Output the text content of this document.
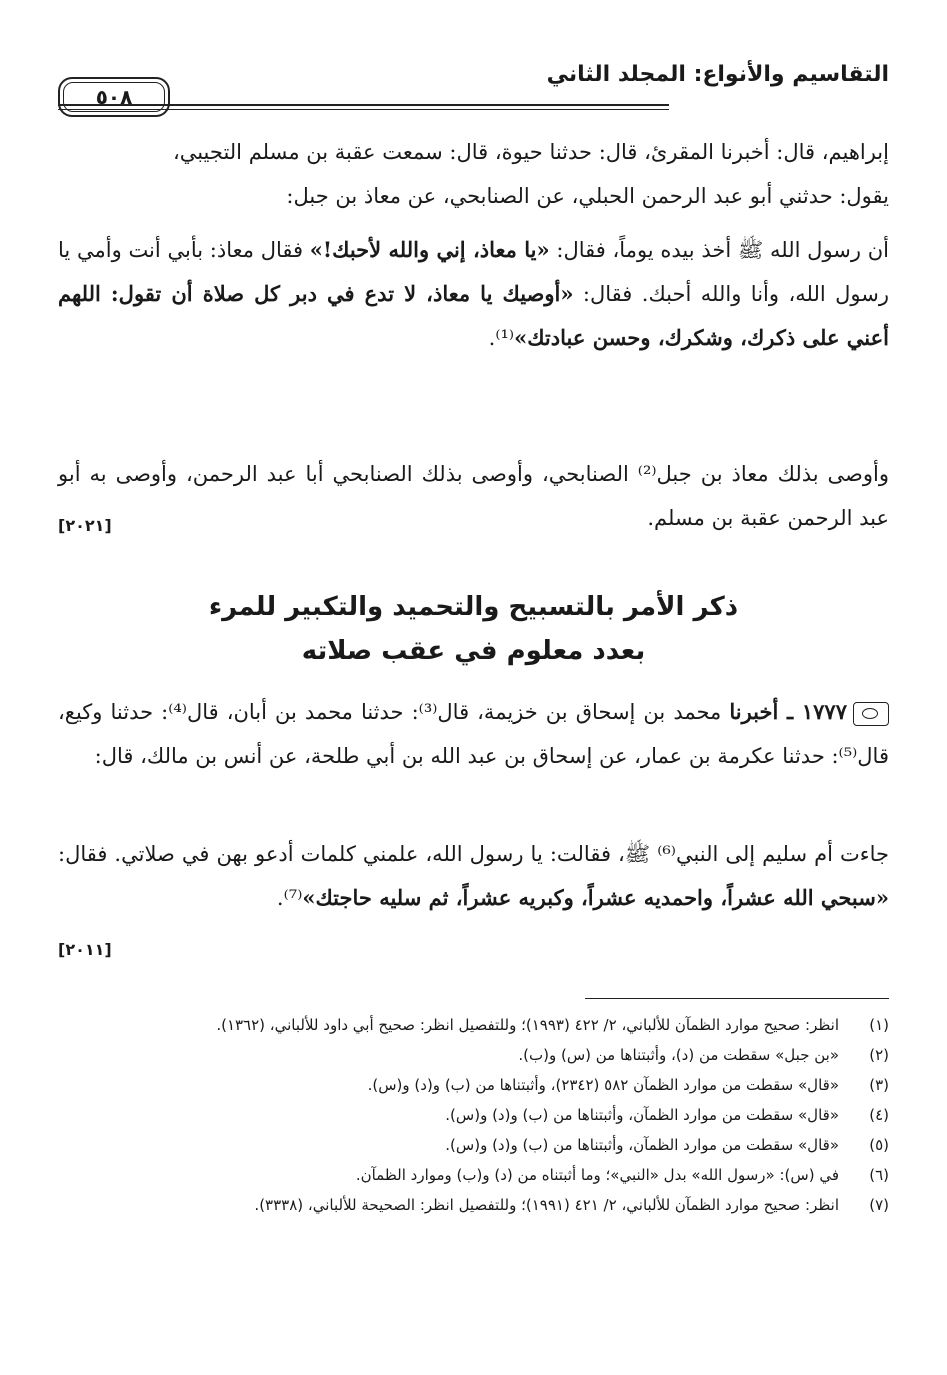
التقاسيم والأنواع: المجلد الثاني
٥٠٨

إبراهيم، قال: أخبرنا المقرئ، قال: حدثنا حيوة، قال: سمعت عقبة بن مسلم التجيبي،

يقول: حدثني أبو عبد الرحمن الحبلي، عن الصنابحي، عن معاذ بن جبل:

أن رسول الله ﷺ أخذ بيده يوماً، فقال: «يا معاذ، إني والله لأحبك!» فقال معاذ: بأبي أنت وأمي يا رسول الله، وأنا والله أحبك. فقال: «أوصيك يا معاذ، لا تدع في دبر كل صلاة أن تقول: اللهم أعني على ذكرك، وشكرك، وحسن عبادتك»⁽¹⁾.

وأوصى بذلك معاذ بن جبل⁽²⁾ الصنابحي، وأوصى بذلك الصنابحي أبا عبد الرحمن، وأوصى به أبو عبد الرحمن عقبة بن مسلم.

[٢٠٢١]
ذكر الأمر بالتسبيح والتحميد والتكبير للمرء
بعدد معلوم في عقب صلاته

١٧٧٧ ـ أخبرنا محمد بن إسحاق بن خزيمة، قال⁽³⁾: حدثنا محمد بن أبان، قال⁽⁴⁾: حدثنا وكيع، قال⁽⁵⁾: حدثنا عكرمة بن عمار، عن إسحاق بن عبد الله بن أبي طلحة، عن أنس بن مالك، قال:

جاءت أم سليم إلى النبي⁽⁶⁾ ﷺ، فقالت: يا رسول الله، علمني كلمات أدعو بهن في صلاتي. فقال: «سبحي الله عشراً، واحمديه عشراً، وكبريه عشراً، ثم سليه حاجتك»⁽⁷⁾.

[٢٠١١]
(١)
انظر: صحيح موارد الظمآن للألباني، ٢/ ٤٢٢ (١٩٩٣)؛ وللتفصيل انظر: صحيح أبي داود للألباني، (١٣٦٢).
(٢)
«بن جبل» سقطت من (د)، وأثبتناها من (س) و(ب).
(٣)
«قال» سقطت من موارد الظمآن ٥٨٢ (٢٣٤٢)، وأثبتناها من (ب) و(د) و(س).
(٤)
«قال» سقطت من موارد الظمآن، وأثبتناها من (ب) و(د) و(س).
(٥)
«قال» سقطت من موارد الظمآن، وأثبتناها من (ب) و(د) و(س).
(٦)
في (س): «رسول الله» بدل «النبي»؛ وما أثبتناه من (د) و(ب) وموارد الظمآن.
(٧)
انظر: صحيح موارد الظمآن للألباني، ٢/ ٤٢١ (١٩٩١)؛ وللتفصيل انظر: الصحيحة للألباني، (٣٣٣٨).
